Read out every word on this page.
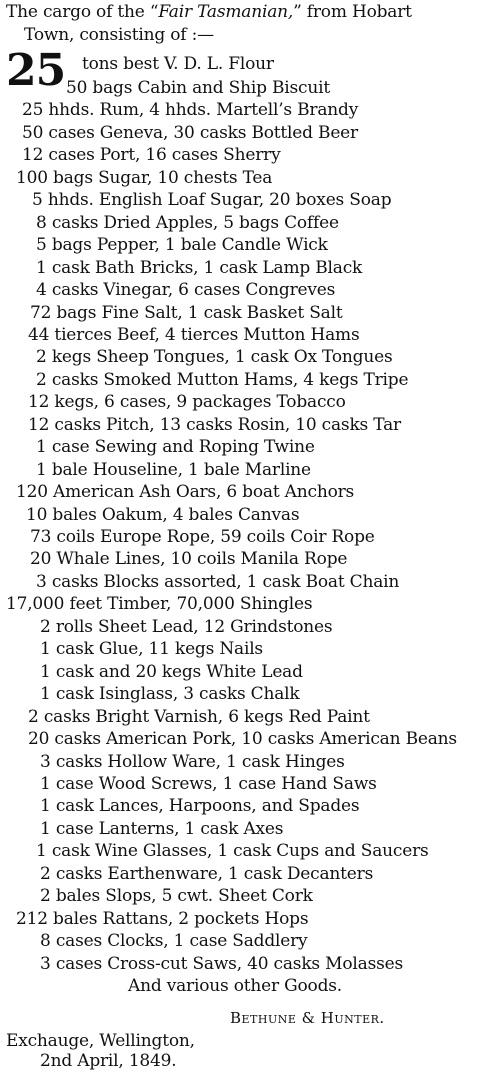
The cargo of the “Fair Tasmanian,” from Hobart
Town, consisting of :—
25 tons best V. D. L. Flour
50 bags Cabin and Ship Biscuit
25 hhds. Rum, 4 hhds. Martell’s Brandy
50 cases Geneva, 30 casks Bottled Beer
12 cases Port, 16 cases Sherry
100 bags Sugar, 10 chests Tea
5 hhds. English Loaf Sugar, 20 boxes Soap
8 casks Dried Apples, 5 bags Coffee
5 bags Pepper, 1 bale Candle Wick
1 cask Bath Bricks, 1 cask Lamp Black
4 casks Vinegar, 6 cases Congreves
72 bags Fine Salt, 1 cask Basket Salt
44 tierces Beef, 4 tierces Mutton Hams
2 kegs Sheep Tongues, 1 cask Ox Tongues
2 casks Smoked Mutton Hams, 4 kegs Tripe
12 kegs, 6 cases, 9 packages Tobacco
12 casks Pitch, 13 casks Rosin, 10 casks Tar
1 case Sewing and Roping Twine
1 bale Houseline, 1 bale Marline
120 American Ash Oars, 6 boat Anchors
10 bales Oakum, 4 bales Canvas
73 coils Europe Rope, 59 coils Coir Rope
20 Whale Lines, 10 coils Manila Rope
3 casks Blocks assorted, 1 cask Boat Chain
17,000 feet Timber, 70,000 Shingles
2 rolls Sheet Lead, 12 Grindstones
1 cask Glue, 11 kegs Nails
1 cask and 20 kegs White Lead
1 cask Isinglass, 3 casks Chalk
2 casks Bright Varnish, 6 kegs Red Paint
20 casks American Pork, 10 casks American Beans
3 casks Hollow Ware, 1 cask Hinges
1 case Wood Screws, 1 case Hand Saws
1 cask Lances, Harpoons, and Spades
1 case Lanterns, 1 cask Axes
1 cask Wine Glasses, 1 cask Cups and Saucers
2 casks Earthenware, 1 cask Decanters
2 bales Slops, 5 cwt. Sheet Cork
212 bales Rattans, 2 pockets Hops
8 cases Clocks, 1 case Saddlery
3 cases Cross-cut Saws, 40 casks Molasses
And various other Goods.
Bethune & Hunter.
Exchauge, Wellington,
2nd April, 1849.
